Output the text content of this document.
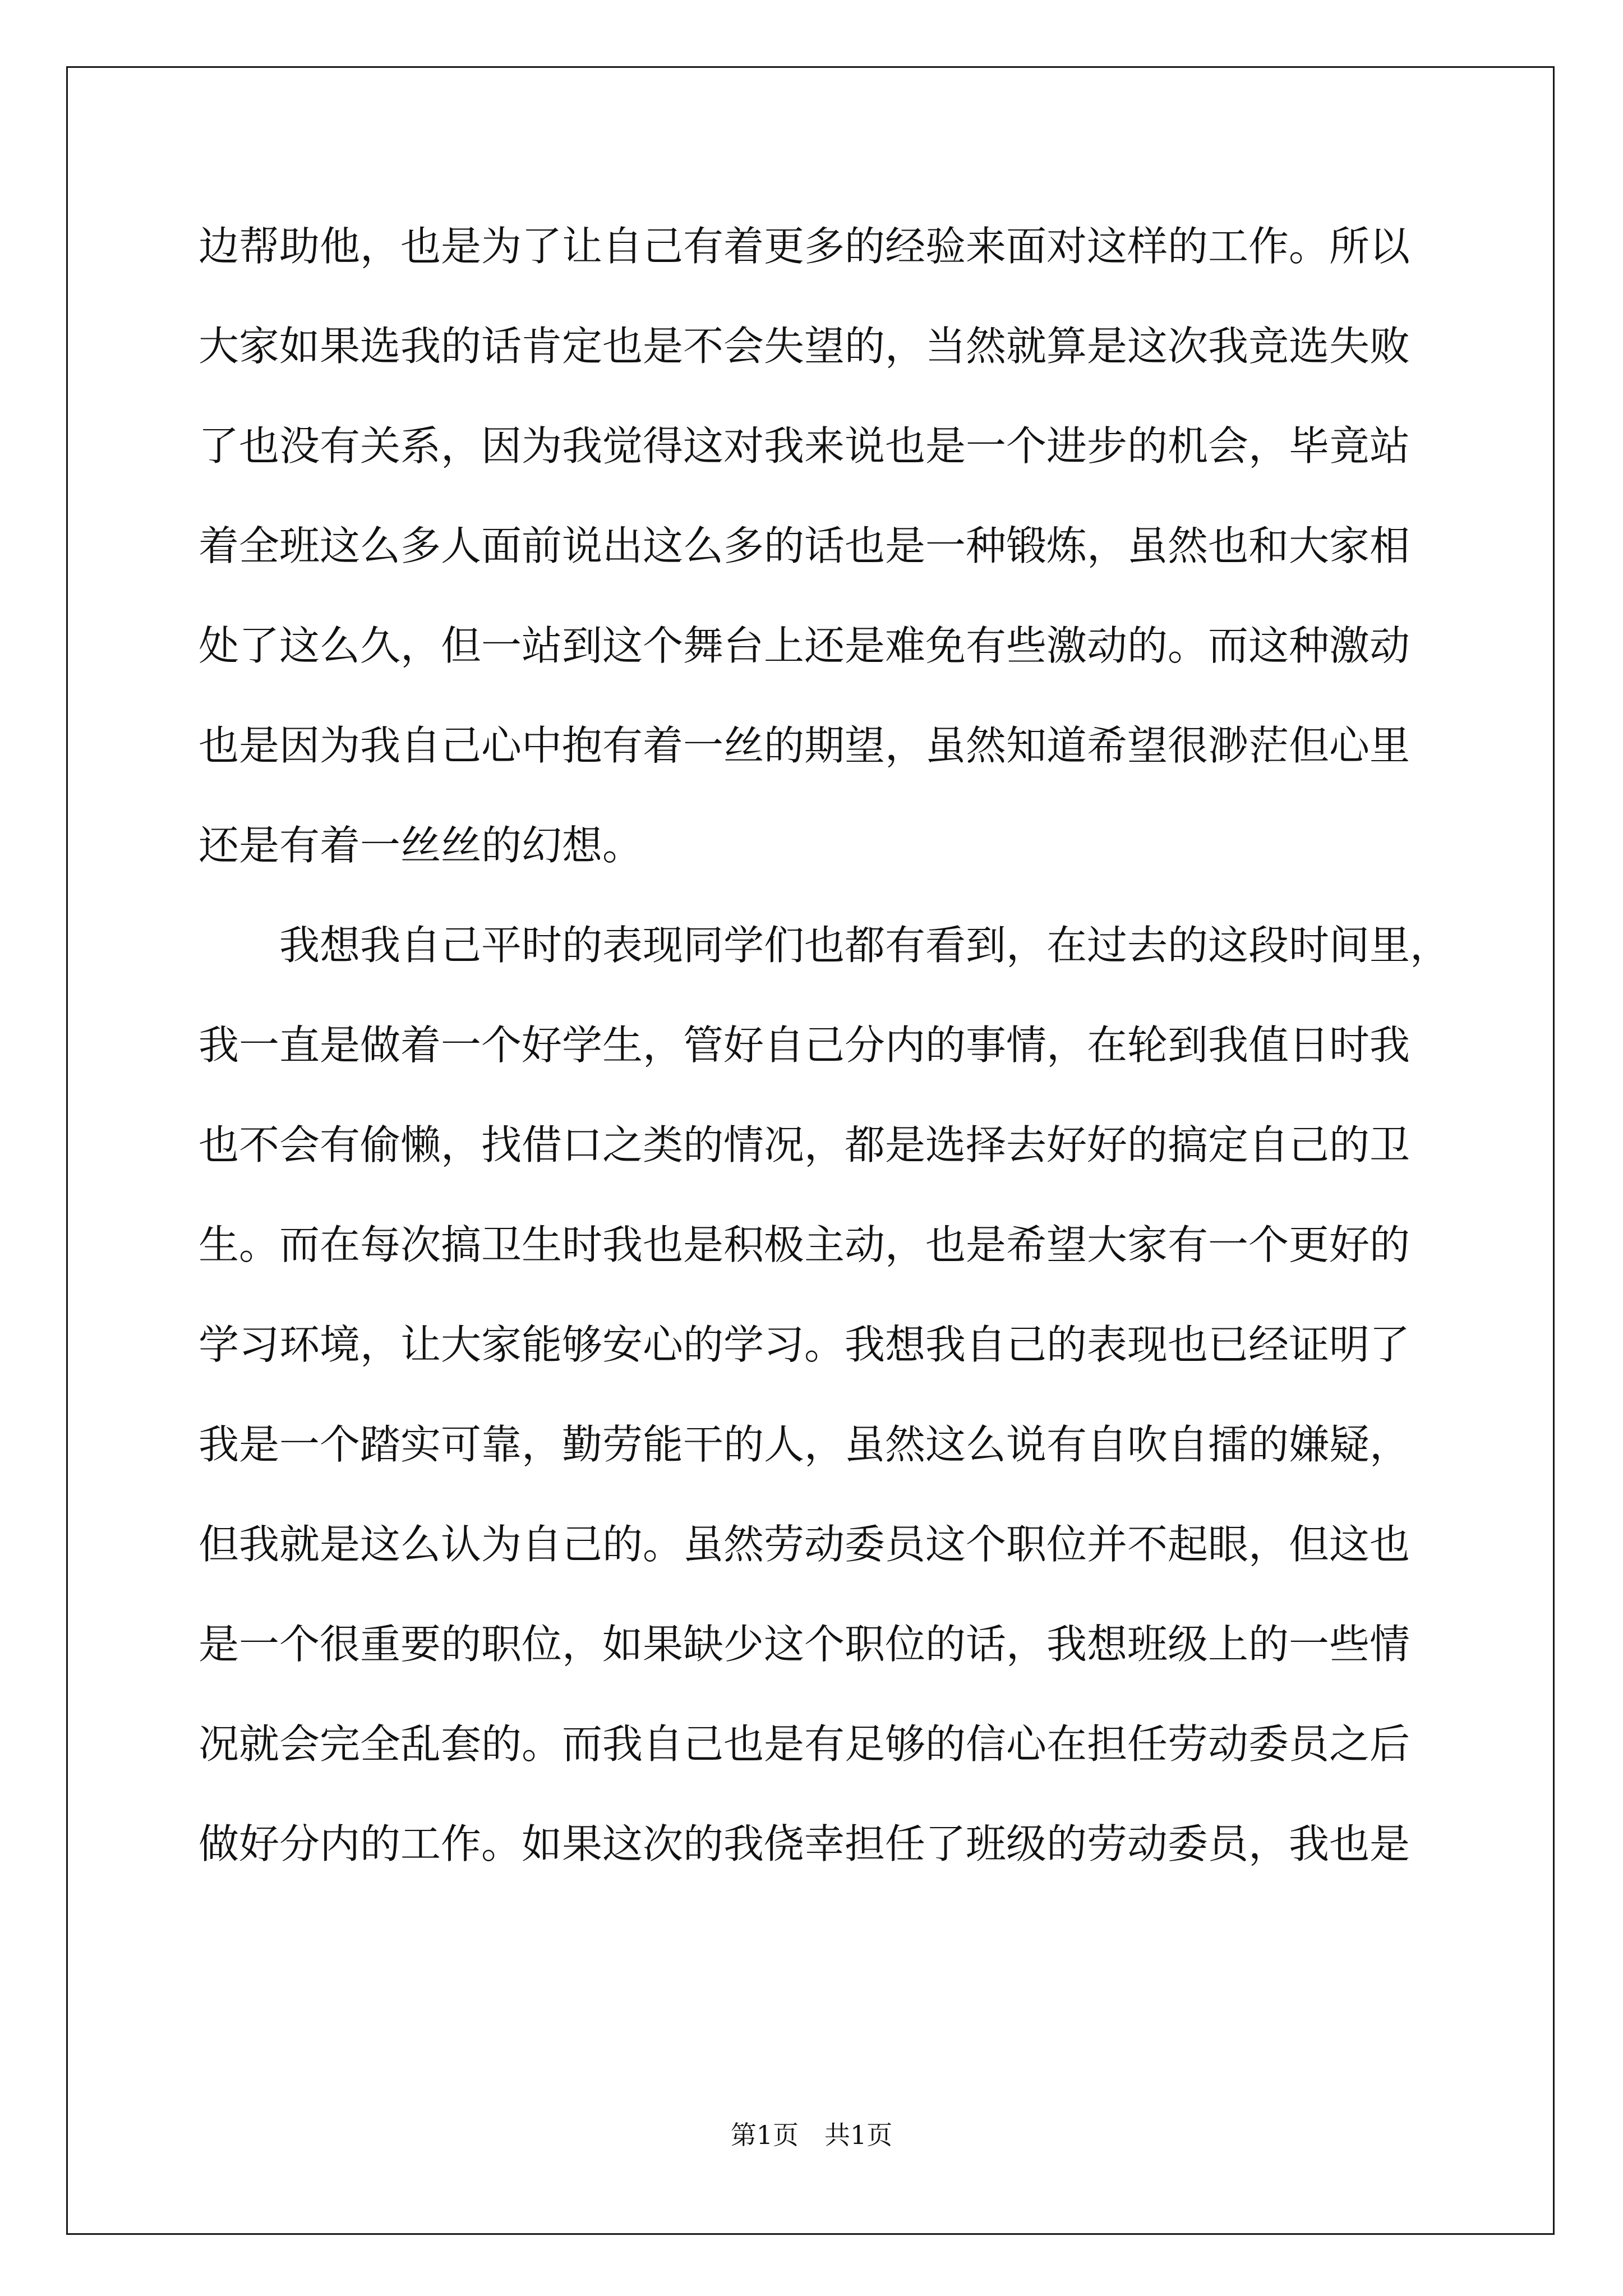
边帮助他，也是为了让自己有着更多的经验来面对这样的工作。所以
大家如果选我的话肯定也是不会失望的，当然就算是这次我竞选失败
了也没有关系，因为我觉得这对我来说也是一个进步的机会，毕竟站
着全班这么多人面前说出这么多的话也是一种锻炼，虽然也和大家相
处了这么久，但一站到这个舞台上还是难免有些激动的。而这种激动
也是因为我自己心中抱有着一丝的期望，虽然知道希望很渺茫但心里
还是有着一丝丝的幻想。
　　我想我自己平时的表现同学们也都有看到，在过去的这段时间里，
我一直是做着一个好学生，管好自己分内的事情，在轮到我值日时我
也不会有偷懒，找借口之类的情况，都是选择去好好的搞定自己的卫
生。而在每次搞卫生时我也是积极主动，也是希望大家有一个更好的
学习环境，让大家能够安心的学习。我想我自己的表现也已经证明了
我是一个踏实可靠，勤劳能干的人，虽然这么说有自吹自擂的嫌疑，
但我就是这么认为自己的。虽然劳动委员这个职位并不起眼，但这也
是一个很重要的职位，如果缺少这个职位的话，我想班级上的一些情
况就会完全乱套的。而我自己也是有足够的信心在担任劳动委员之后
做好分内的工作。如果这次的我侥幸担任了班级的劳动委员，我也是
第1页　共1页
